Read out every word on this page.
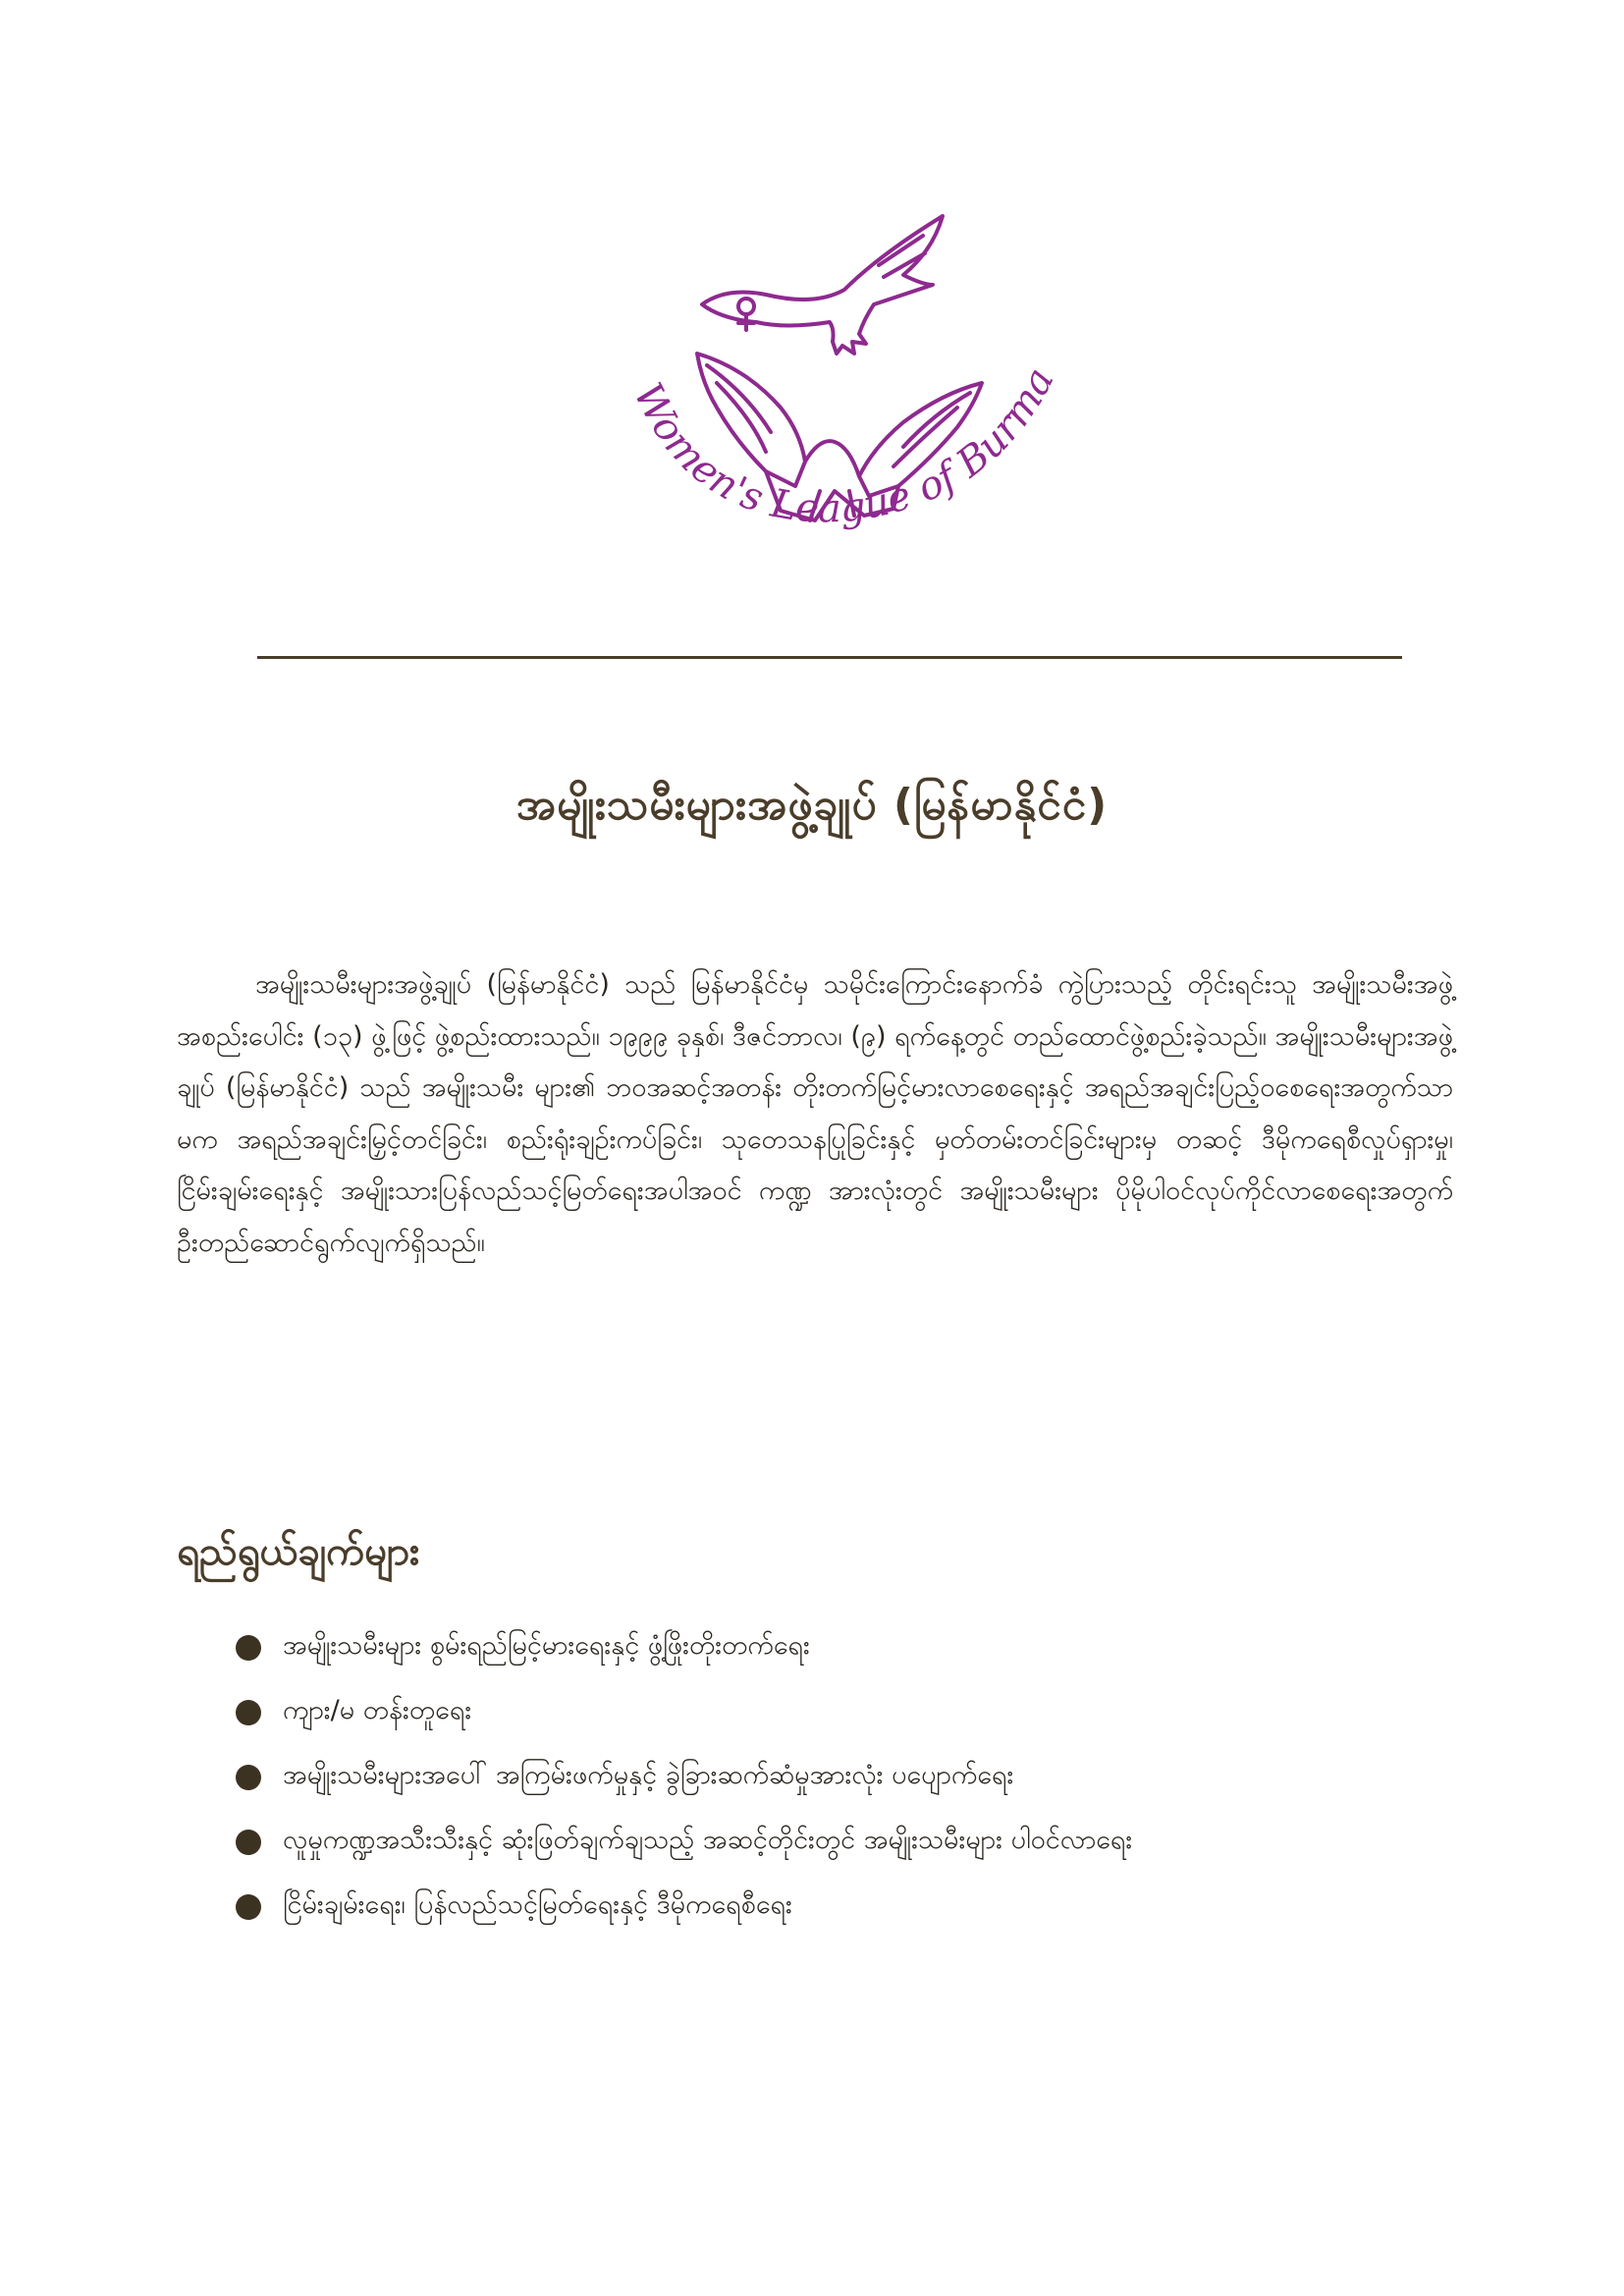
Women's League of Burma
အမျိုးသမီးများအဖွဲ့ချုပ် (မြန်မာနိုင်ငံ)

အမျိုးသမီးများအဖွဲ့ချုပ် (မြန်မာနိုင်ငံ) သည် မြန်မာနိုင်ငံမှ သမိုင်းကြောင်းနောက်ခံ ကွဲပြားသည့် တိုင်းရင်းသူ အမျိုးသမီးအဖွဲ့အစည်းပေါင်း (၁၃) ဖွဲ့ဖြင့် ဖွဲ့စည်းထားသည်။ ၁၉၉၉ ခုနှစ်၊ ဒီဇင်ဘာလ၊ (၉) ရက်နေ့တွင် တည်ထောင်ဖွဲ့စည်းခဲ့သည်။ အမျိုးသမီးများအဖွဲ့ချုပ် (မြန်မာနိုင်ငံ) သည် အမျိုးသမီး များ၏ ဘဝအဆင့်အတန်း တိုးတက်မြင့်မားလာစေရေးနှင့် အရည်အချင်းပြည့်ဝစေရေးအတွက်သာမက အရည်အချင်းမြှင့်တင်ခြင်း၊ စည်းရုံးချဉ်းကပ်ခြင်း၊ သုတေသနပြုခြင်းနှင့် မှတ်တမ်းတင်ခြင်းများမှ တဆင့် ဒီမိုကရေစီလှုပ်ရှားမှု၊ ငြိမ်းချမ်းရေးနှင့် အမျိုးသားပြန်လည်သင့်မြတ်ရေးအပါအဝင် ကဏ္ဍ အားလုံးတွင် အမျိုးသမီးများ ပိုမိုပါဝင်လုပ်ကိုင်လာစေရေးအတွက် ဦးတည်ဆောင်ရွက်လျက်ရှိသည်။

ရည်ရွယ်ချက်များ
အမျိုးသမီးများ စွမ်းရည်မြင့်မားရေးနှင့် ဖွံ့ဖြိုးတိုးတက်ရေး
ကျား/မ တန်းတူရေး
အမျိုးသမီးများအပေါ် အကြမ်းဖက်မှုနှင့် ခွဲခြားဆက်ဆံမှုအားလုံး ပပျောက်ရေး
လူမှုကဏ္ဍအသီးသီးနှင့် ဆုံးဖြတ်ချက်ချသည့် အဆင့်တိုင်းတွင် အမျိုးသမီးများ ပါဝင်လာရေး
ငြိမ်းချမ်းရေး၊ ပြန်လည်သင့်မြတ်ရေးနှင့် ဒီမိုကရေစီရေး
